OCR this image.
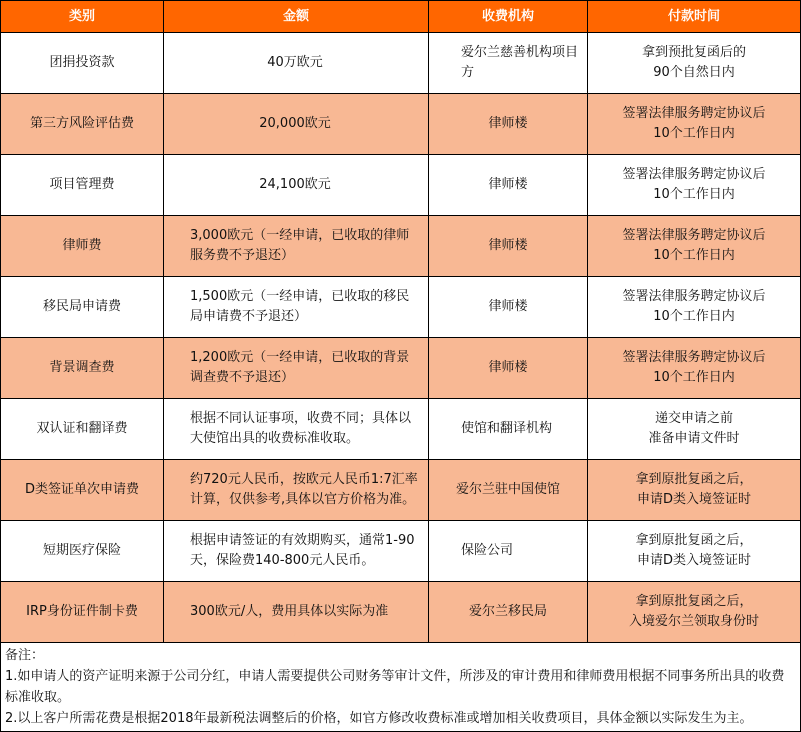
类别	金额	收费机构	付款时间
团捐投资款	40万欧元	爱尔兰慈善机构项目方	拿到预批复函后的
90个自然日内
第三方风险评估费	20,000欧元	律师楼	签署法律服务聘定协议后
10个工作日内
项目管理费	24,100欧元	律师楼	签署法律服务聘定协议后
10个工作日内
律师费	3,000欧元（一经申请，已收取的律师服务费不予退还）	律师楼	签署法律服务聘定协议后
10个工作日内
移民局申请费	1,500欧元（一经申请，已收取的移民局申请费不予退还）	律师楼	签署法律服务聘定协议后
10个工作日内
背景调查费	1,200欧元（一经申请，已收取的背景调查费不予退还）	律师楼	签署法律服务聘定协议后
10个工作日内
双认证和翻译费	根据不同认证事项，收费不同；具体以大使馆出具的收费标准收取。	使馆和翻译机构	递交申请之前
准备申请文件时
D类签证单次申请费	约720元人民币，按欧元人民币1:7汇率计算，仅供参考,具体以官方价格为准。	爱尔兰驻中国使馆	拿到原批复函之后，
申请D类入境签证时
短期医疗保险	根据申请签证的有效期购买，通常1-90天，保险费140-800元人民币。	保险公司	拿到原批复函之后，
申请D类入境签证时
IRP身份证件制卡费	300欧元/人，费用具体以实际为准	爱尔兰移民局	拿到原批复函之后，
入境爱尔兰领取身份时

备注：
1.如申请人的资产证明来源于公司分红，申请人需要提供公司财务等审计文件，所涉及的审计费用和律师费用根据不同事务所出具的收费标准收取。
2.以上客户所需花费是根据2018年最新税法调整后的价格，如官方修改收费标准或增加相关收费项目，具体金额以实际发生为主。			
